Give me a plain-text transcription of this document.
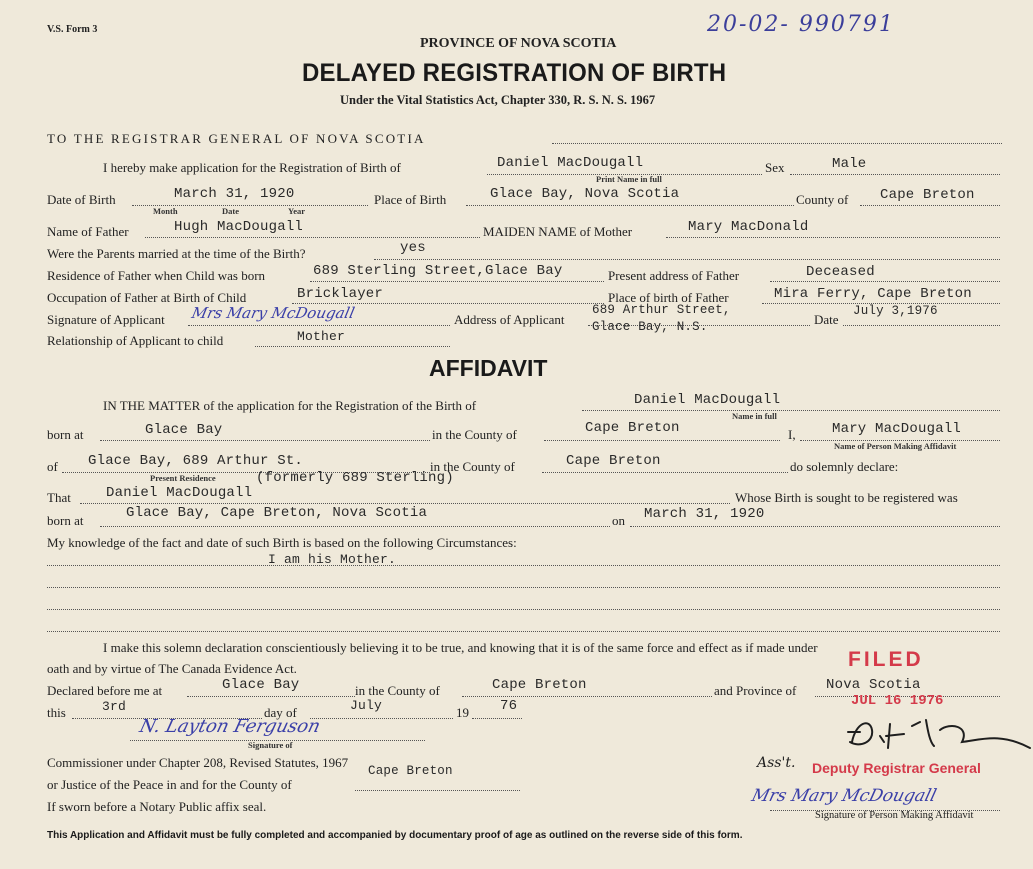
V.S. Form 3	20-02- 990791
PROVINCE OF NOVA SCOTIA
DELAYED REGISTRATION OF BIRTH
Under the Vital Statistics Act, Chapter 330, R. S. N. S. 1967
TO THE REGISTRAR GENERAL OF NOVA SCOTIA
I hereby make application for the Registration of Birth of	Daniel MacDougall
Print Name in full
Sex	Male
Date of Birth	March 31, 1920
Month	Date	Year
Place of Birth	Glace Bay, Nova Scotia	County of Cape Breton
Name of Father	Hugh MacDougall	MAIDEN NAME of Mother	Mary MacDonald
Were the Parents married at the time of the Birth?	yes
Residence of Father when Child was born	689 Sterling Street,Glace Bay	Present address of Father	Deceased
Occupation of Father at Birth of Child	Bricklayer	Place of birth of Father	Mira Ferry, Cape Breton
Signature of Applicant Mrs Mary McDougall	Address of Applicant
689 Arthur Street,
Glace Bay, N.S.	Date
July 3,1976
Relationship of Applicant to child	Mother
AFFIDAVIT
IN THE MATTER of the application for the Registration of the Birth of	Daniel MacDougall
Name in full
born at	Glace Bay	in the County of	Cape Breton	I,	Mary MacDougall
Name of Person Making Affidavit
of Glace Bay, 689 Arthur St.
Present Residence	(formerly 689 Sterling)
in the County of	Cape Breton	do solemnly declare:
That	Daniel MacDougall	Whose Birth is sought to be registered was
born at	Glace Bay, Cape Breton, Nova Scotia	on March 31, 1920
My knowledge of the fact and date of such Birth is based on the following Circumstances:
I am his Mother.
I make this solemn declaration conscientiously believing it to be true, and knowing that it is of the same force and effect as if made under
oath and by virtue of The Canada Evidence Act.
Declared before me at	Glace Bay	in the County of	Cape Breton	and Province of Nova Scotia
this	3rd	day of	July	19 76
N. Layton Ferguson
Signature of
Commissioner under Chapter 208, Revised Statutes, 1967
or Justice of the Peace in and for the County of
Cape Breton
If sworn before a Notary Public affix seal.
Mrs Mary McDougall
Signature of Person Making Affidavit
FILED
JUL 16 1976
D.F. Fulton
Ass't. Deputy Registrar General
This Application and Affidavit must be fully completed and accompanied by documentary proof of age as outlined on the reverse side of this form.
